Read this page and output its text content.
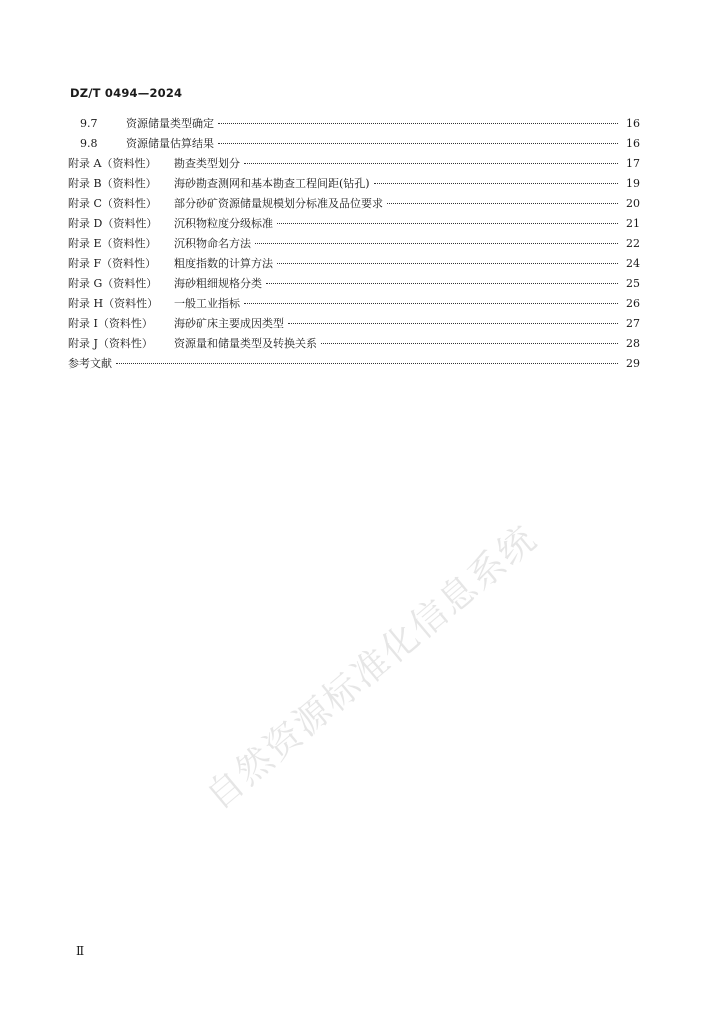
DZ/T 0494—2024
9.7	资源储量类型确定	16
9.8	资源储量估算结果	16
附录 A（资料性）	勘查类型划分	17
附录 B（资料性）	海砂勘查测网和基本勘查工程间距(钻孔)	19
附录 C（资料性）	部分砂矿资源储量规模划分标准及品位要求	20
附录 D（资料性）	沉积物粒度分级标准	21
附录 E（资料性）	沉积物命名方法	22
附录 F（资料性）	粗度指数的计算方法	24
附录 G（资料性）	海砂粗细规格分类	25
附录 H（资料性）	一般工业指标	26
附录 I（资料性）	海砂矿床主要成因类型	27
附录 J（资料性）	资源量和储量类型及转换关系	28
参考文献	29
自然资源标准化信息系统
Ⅱ
